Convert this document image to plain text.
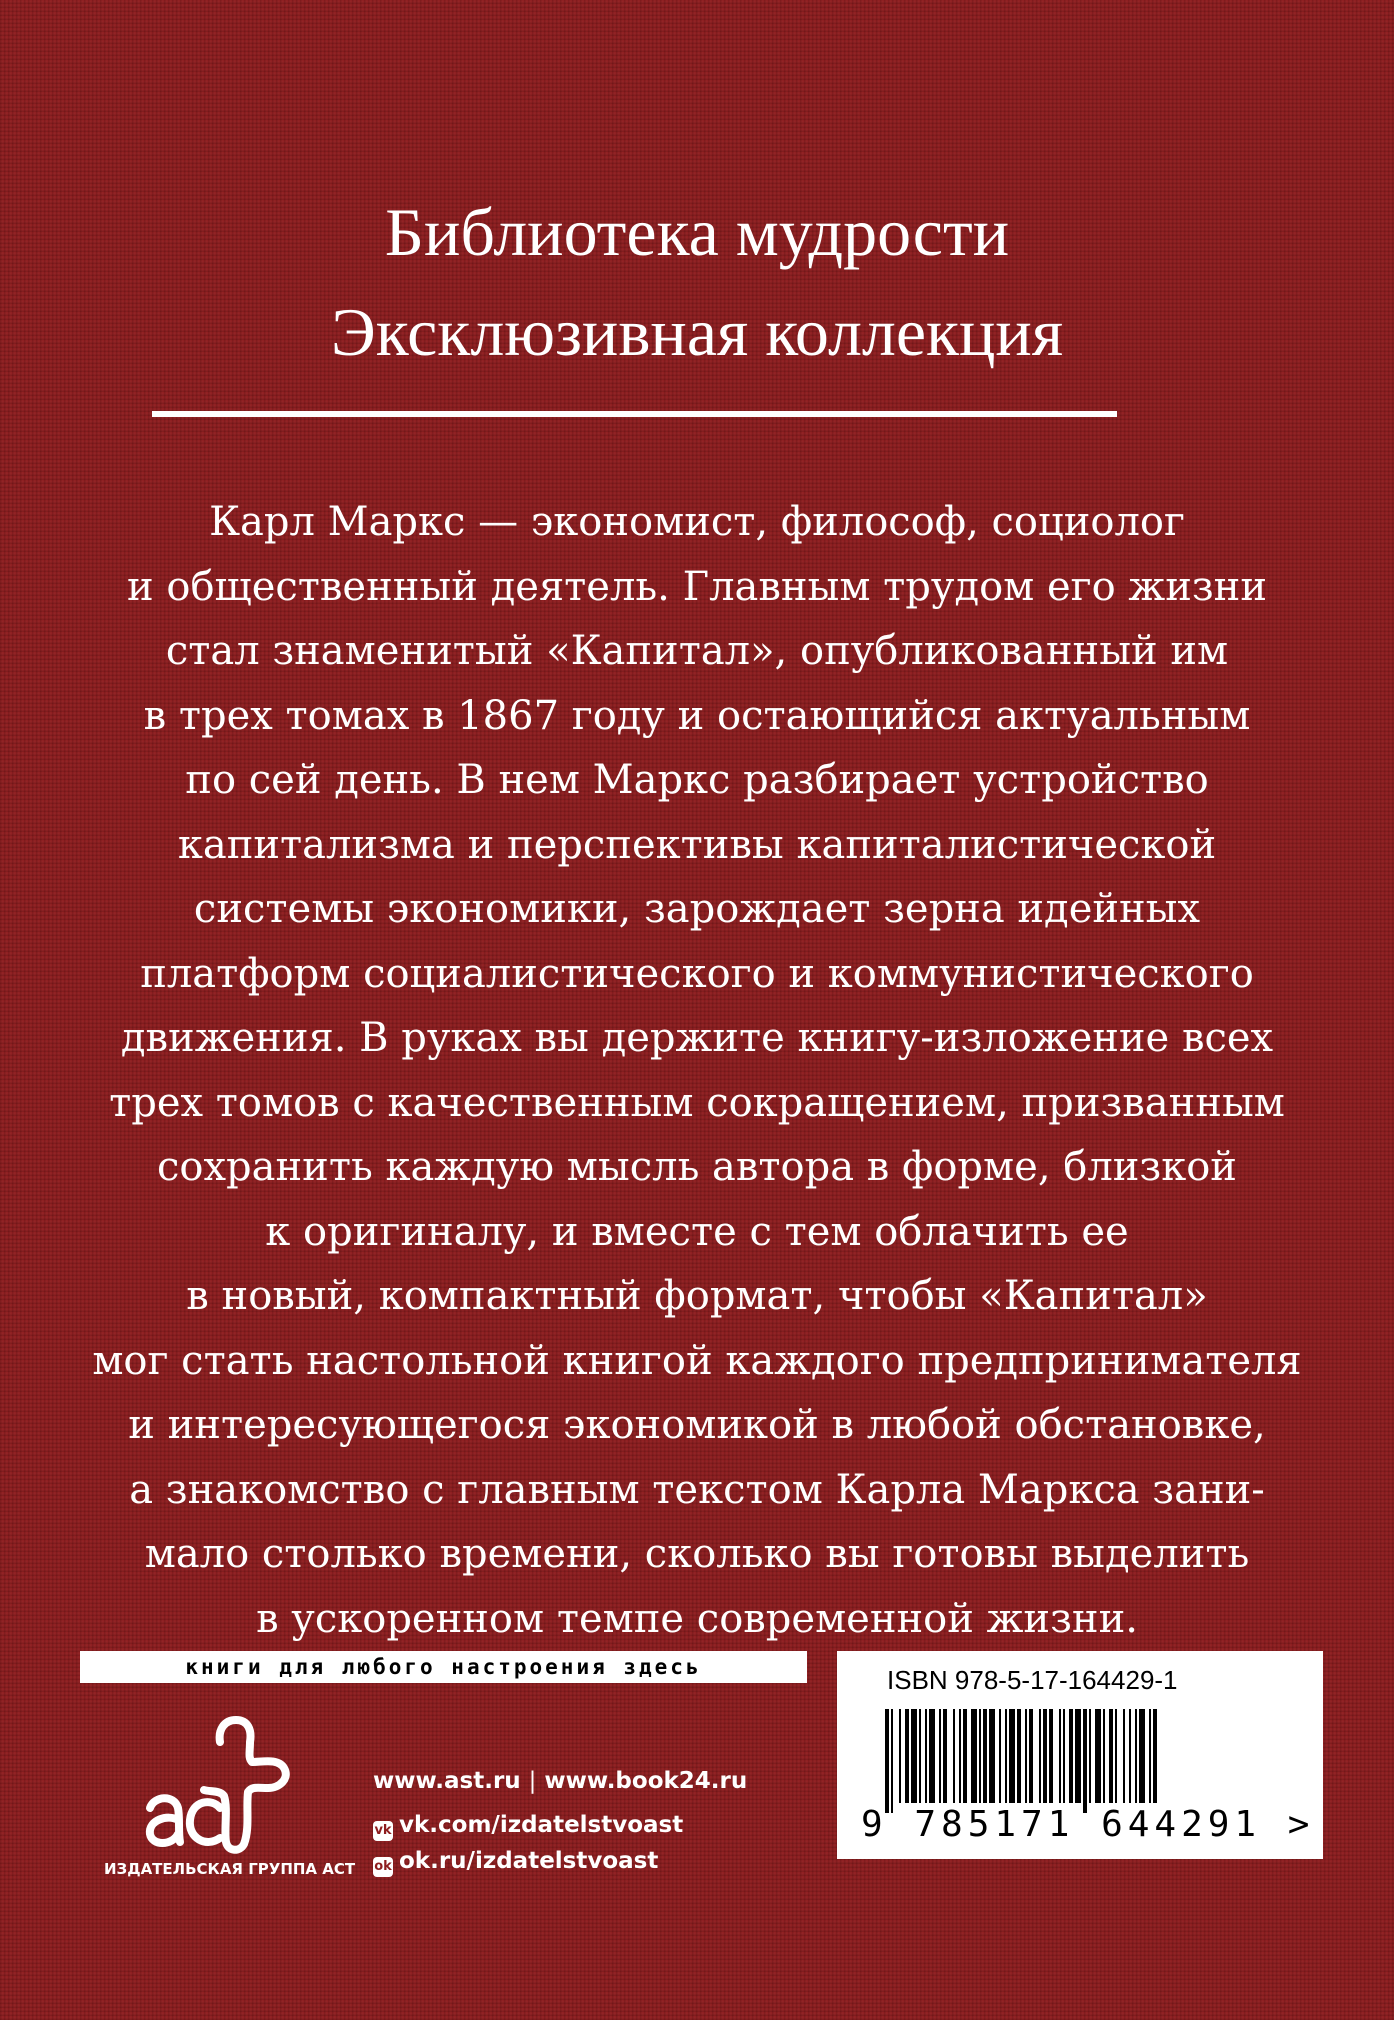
Библиотека мудрости
Эксклюзивная коллекция
Карл Маркс — экономист, философ, социолог
и общественный деятель. Главным трудом его жизни
стал знаменитый «Капитал», опубликованный им
в трех томах в 1867 году и остающийся актуальным
по сей день. В нем Маркс разбирает устройство
капитализма и перспективы капиталистической
системы экономики, зарождает зерна идейных
платформ социалистического и коммунистического
движения. В руках вы держите книгу-изложение всех
трех томов с качественным сокращением, призванным
сохранить каждую мысль автора в форме, близкой
к оригиналу, и вместе с тем облачить ее
в новый, компактный формат, чтобы «Капитал»
мог стать настольной книгой каждого предпринимателя
и интересующегося экономикой в любой обстановке,
а знакомство с главным текстом Карла Маркса зани-
мало столько времени, сколько вы готовы выделить
в ускоренном темпе современной жизни.
книги для любого настроения здесь
ИЗДАТЕЛЬСКАЯ ГРУППА АСТ
www.ast.ru | www.book24.ru
vk vk.com/izdatelstvoast
ok ok.ru/izdatelstvoast
ISBN 978-5-17-164429-1
9 785171 644291 >
